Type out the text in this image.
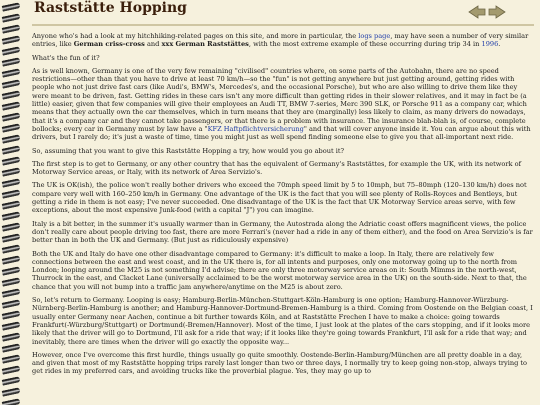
Raststätte Hopping

Anyone who's had a look at my hitchhiking-related pages on this site, and more in particular, the logs page, may have seen a number of very similar entries, like German criss-cross and xxx German Raststättes, with the most extreme example of these occurring during trip 34 in 1996.

What's the fun of it?

As is well known, Germany is one of the very few remaining "civilised" countries where, on some parts of the Autobahn, there are no speed restrictions—other than that you have to drive at least 70 km/h—so the "fun" is not getting anywhere but just getting around, getting rides with people who not just drive fast cars (like Audi's, BMW's, Mercedes's, and the occasional Porsche), but who are also willing to drive them like they were meant to be driven, fast. Getting rides in these cars isn't any more difficult than getting rides in their slower relatives, and it may in fact be (a little) easier, given that few companies will give their employees an Audi TT, BMW 7-series, Merc 390 SLK, or Porsche 911 as a company car, which means that they actually own the car themselves, which in turn means that they are (marginally) less likely to claim, as many drivers do nowadays, that it's a company car and they cannot take passengers, or that there is a problem with insurance. The insurance blah-blah is, of course, complete bollocks; every car in Germany must by law have a "KFZ Haftpflichtversicherung" and that will cover anyone inside it. You can argue about this with drivers, but I rarely do; it's just a waste of time, time you might just as well spend finding someone else to give you that all-important next ride.

So, assuming that you want to give this Raststätte Hopping a try, how would you go about it?

The first step is to get to Germany, or any other country that has the equivalent of Germany's Raststättes, for example the UK, with its network of Motorway Service areas, or Italy, with its network of Area Servizio's.

The UK is OK(ish), the police won't really bother drivers who exceed the 70mph speed limit by 5 to 10mph, but 75–80mph (120–130 km/h) does not compare very well with 160–250 km/h in Germany. One advantage of the UK is the fact that you will see plenty of Rolls-Royces and Bentleys, but getting a ride in them is not easy; I've never succeeded. One disadvantage of the UK is the fact that UK Motorway Service areas serve, with few exceptions, about the most expensive Junk-food (with a capital "J") you can imagine.

Italy is a bit better, in the summer it's usually warmer than in Germany, the Autostrada along the Adriatic coast offers magnificent views, the police don't really care about people driving too fast, there are more Ferrari's (never had a ride in any of them either), and the food on Area Servizio's is far better than in both the UK and Germany. (But just as ridiculously expensive)

Both the UK and Italy do have one other disadvantage compared to Germany: it's difficult to make a loop. In Italy, there are relatively few connections between the east and west coast, and in the UK there is, for all intents and purposes, only one motorway going up to the north from London; looping around the M25 is not something I'd advise; there are only three motorway service areas on it: South Mimms in the north-west, Thurrock in the east, and Clacket Lane (universally acclaimed to be the worst motorway service area in the UK) on the south-side. Next to that, the chance that you will not bump into a traffic jam anywhere/anytime on the M25 is about zero.

So, let's return to Germany. Looping is easy; Hamburg-Berlin-München-Stuttgart-Köln-Hamburg is one option; Hamburg-Hannover-Würzburg-Nürnberg-Berlin-Hamburg is another; and Hamburg-Hannover-Dortmund-Bremen-Hamburg is a third. Coming from Oostende on the Belgian coast, I usually enter Germany near Aachen, continue a bit further towards Köln, and at Raststätte Frechen I have to make a choice: going towards Frankfurt(-Würzburg/Stuttgart) or Dortmund(-Bremen/Hannover). Most of the time, I just look at the plates of the cars stopping, and if it looks more likely that the driver will go to Dortmund, I'll ask for a ride that way; if it looks like they're going towards Frankfurt, I'll ask for a ride that way; and inevitably, there are times when the driver will go exactly the opposite way...

However, once I've overcome this first hurdle, things usually go quite smoothly. Oostende-Berlin-Hamburg/München are all pretty doable in a day, and given that most of my Raststätte hopping trips rarely last longer than two or three days, I normally try to keep going non-stop, always trying to get rides in my preferred cars, and avoiding trucks like the proverbial plague. Yes, they may go up to
